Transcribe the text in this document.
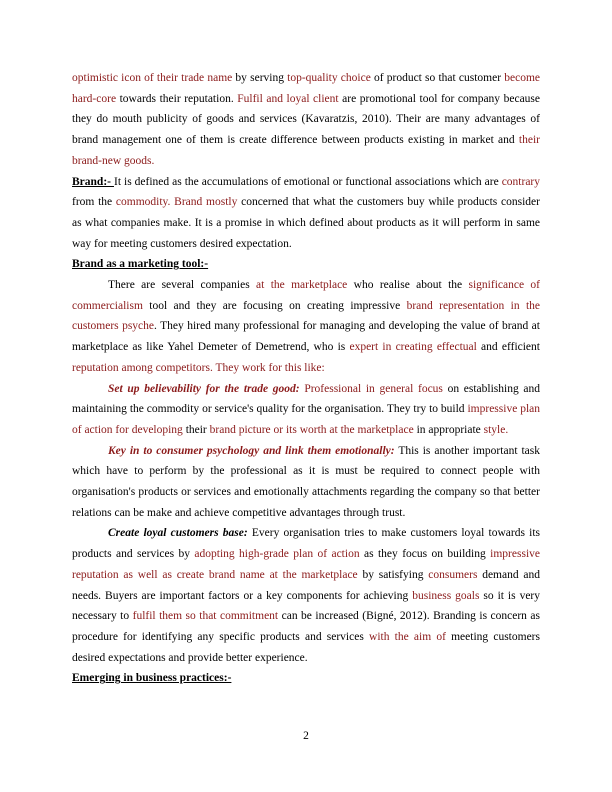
optimistic icon of their trade name by serving top-quality choice of product so that customer become hard-core towards their reputation. Fulfil and loyal client are promotional tool for company because they do mouth publicity of goods and services (Kavaratzis, 2010). Their are many advantages of brand management one of them is create difference between products existing in market and their brand-new goods.

Brand:- It is defined as the accumulations of emotional or functional associations which are contrary from the commodity. Brand mostly concerned that what the customers buy while products consider as what companies make. It is a promise in which defined about products as it will perform in same way for meeting customers desired expectation.

Brand as a marketing tool:-

There are several companies at the marketplace who realise about the significance of commercialism tool and they are focusing on creating impressive brand representation in the customers psyche. They hired many professional for managing and developing the value of brand at marketplace as like Yahel Demeter of Demetrend, who is expert in creating effectual and efficient reputation among competitors. They work for this like:

Set up believability for the trade good: Professional in general focus on establishing and maintaining the commodity or service's quality for the organisation. They try to build impressive plan of action for developing their brand picture or its worth at the marketplace in appropriate style.

Key in to consumer psychology and link them emotionally: This is another important task which have to perform by the professional as it is must be required to connect people with organisation's products or services and emotionally attachments regarding the company so that better relations can be make and achieve competitive advantages through trust.

Create loyal customers base: Every organisation tries to make customers loyal towards its products and services by adopting high-grade plan of action as they focus on building impressive reputation as well as create brand name at the marketplace by satisfying consumers demand and needs. Buyers are important factors or a key components for achieving business goals so it is very necessary to fulfil them so that commitment can be increased (Bigné, 2012). Branding is concern as procedure for identifying any specific products and services with the aim of meeting customers desired expectations and provide better experience.

Emerging in business practices:-

2
